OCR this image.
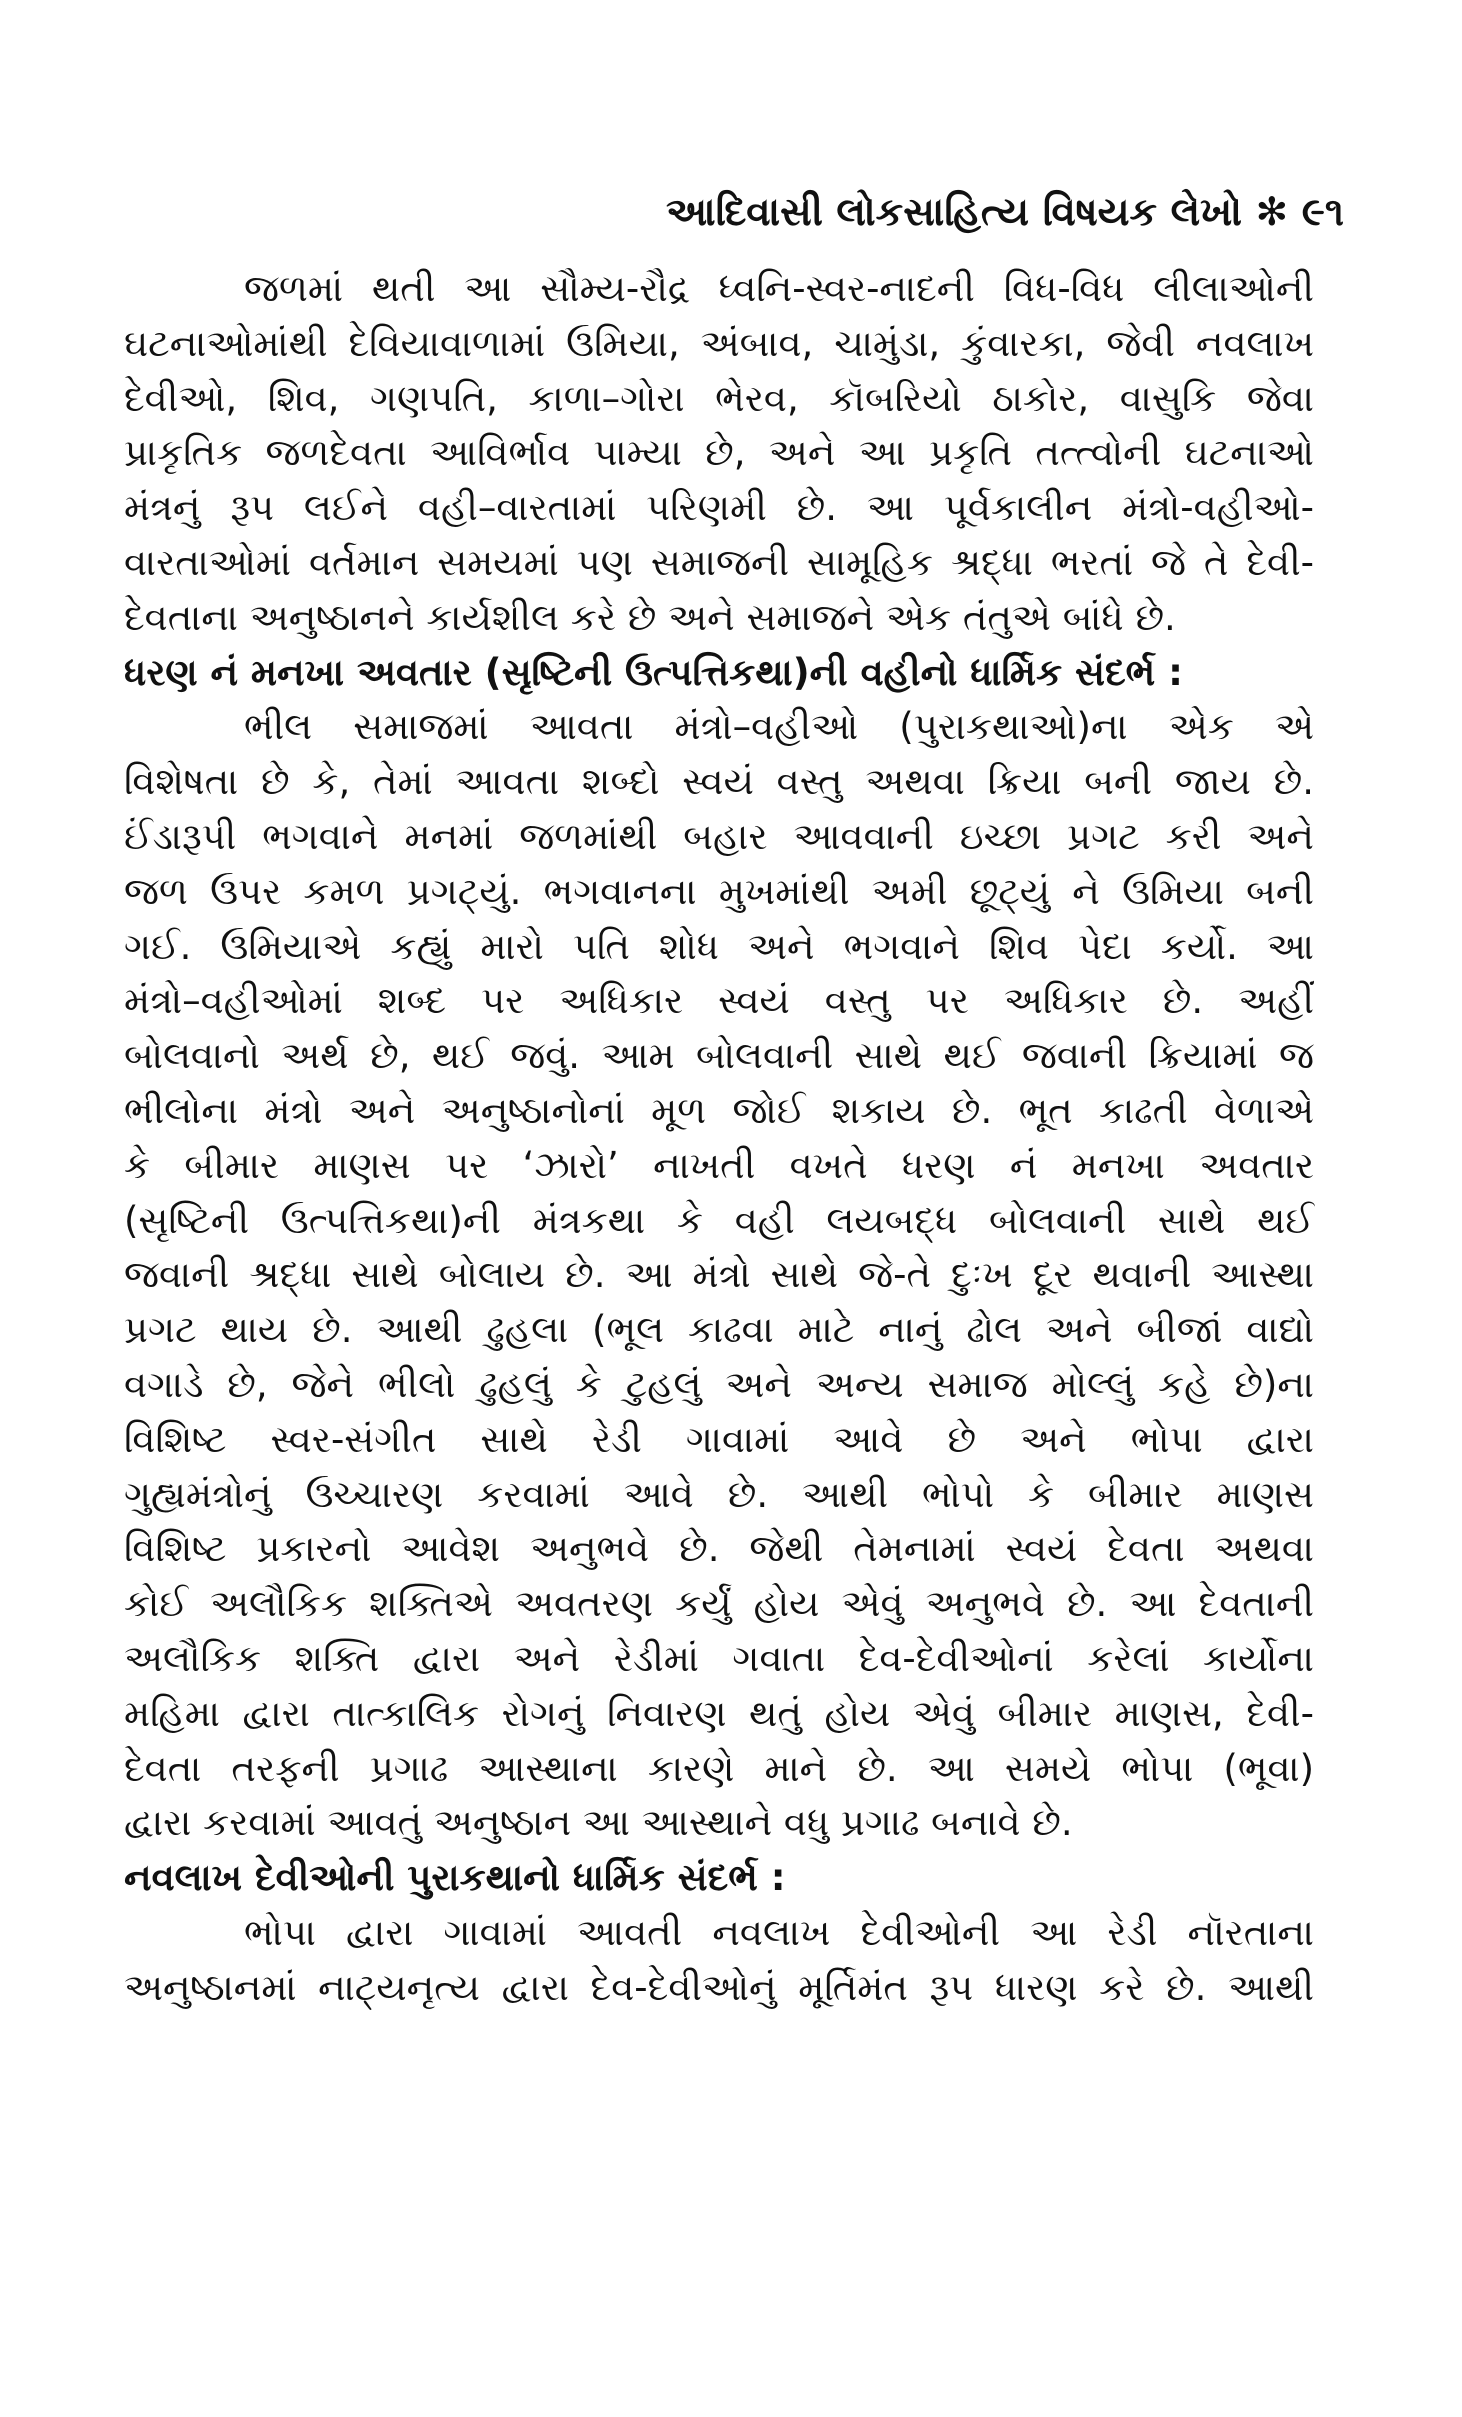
આદિવાસી લોકસાહિત્ય વિષયક લેખો ✻ ૯૧
જળમાં થતી આ સૌમ્ય-રૌદ્ર ધ્વનિ-સ્વર-નાદની વિધ-વિધ લીલાઓની
ઘટનાઓમાંથી દેવિયાવાળામાં ઉમિયા, અંબાવ, ચામુંડા, કુંવારકા, જેવી નવલાખ
દેવીઓ, શિવ, ગણપતિ, કાળા–ગોરા ભેરવ, કૉબરિયો ઠાકોર, વાસુકિ જેવા
પ્રાકૃતિક જળદેવતા આવિર્ભાવ પામ્યા છે, અને આ પ્રકૃતિ તત્ત્વોની ઘટનાઓ
મંત્રનું રૂપ લઈને વહી–વારતામાં પરિણમી છે. આ પૂર્વકાલીન મંત્રો-વહીઓ-
વારતાઓમાં વર્તમાન સમયમાં પણ સમાજની સામૂહિક શ્રદ્ધા ભરતાં જે તે દેવી-
દેવતાના અનુષ્ઠાનને કાર્યશીલ કરે છે અને સમાજને એક તંતુએ બાંધે છે.
ધરણ નં મનખા અવતાર (સૃષ્ટિની ઉત્પત્તિકથા)ની વહીનો ધાર્મિક સંદર્ભ :
ભીલ સમાજમાં આવતા મંત્રો–વહીઓ (પુરાકથાઓ)ના એક એ
વિશેષતા છે કે, તેમાં આવતા શબ્દો સ્વયં વસ્તુ અથવા ક્રિયા બની જાય છે.
ઈંડારૂપી ભગવાને મનમાં જળમાંથી બહાર આવવાની ઇચ્છા પ્રગટ કરી અને
જળ ઉપર કમળ પ્રગટ્યું. ભગવાનના મુખમાંથી અમી છૂટ્યું ને ઉમિયા બની
ગઈ. ઉમિયાએ કહ્યું મારો પતિ શોધ અને ભગવાને શિવ પેદા કર્યો. આ
મંત્રો–વહીઓમાં શબ્દ પર અધિકાર સ્વયં વસ્તુ પર અધિકાર છે. અહીં
બોલવાનો અર્થ છે, થઈ જવું. આમ બોલવાની સાથે થઈ જવાની ક્રિયામાં જ
ભીલોના મંત્રો અને અનુષ્ઠાનોનાં મૂળ જોઈ શકાય છે. ભૂત કાઢતી વેળાએ
કે બીમાર માણસ પર ‘ઝારો’ નાખતી વખતે ધરણ નં મનખા અવતાર
(સૃષ્ટિની ઉત્પત્તિકથા)ની મંત્રકથા કે વહી લયબદ્ધ બોલવાની સાથે થઈ
જવાની શ્રદ્ધા સાથે બોલાય છે. આ મંત્રો સાથે જે-તે દુઃખ દૂર થવાની આસ્થા
પ્રગટ થાય છે. આથી ઢુહલા (ભૂલ કાઢવા માટે નાનું ઢોલ અને બીજાં વાદ્યો
વગાડે છે, જેને ભીલો ઢુહલું કે ટુહલું અને અન્ય સમાજ મોલ્લું કહે છે)ના
વિશિષ્ટ સ્વર-સંગીત સાથે રેડી ગાવામાં આવે છે અને ભોપા દ્વારા
ગુહ્યમંત્રોનું ઉચ્ચારણ કરવામાં આવે છે. આથી ભોપો કે બીમાર માણસ
વિશિષ્ટ પ્રકારનો આવેશ અનુભવે છે. જેથી તેમનામાં સ્વયં દેવતા અથવા
કોઈ અલૌકિક શક્તિએ અવતરણ કર્યું હોય એવું અનુભવે છે. આ દેવતાની
અલૌકિક શક્તિ દ્વારા અને રેડીમાં ગવાતા દેવ-દેવીઓનાં કરેલાં કાર્યોના
મહિમા દ્વારા તાત્કાલિક રોગનું નિવારણ થતું હોય એવું બીમાર માણસ, દેવી-
દેવતા તરફની પ્રગાઢ આસ્થાના કારણે માને છે. આ સમયે ભોપા (ભૂવા)
દ્વારા કરવામાં આવતું અનુષ્ઠાન આ આસ્થાને વધુ પ્રગાઢ બનાવે છે.
નવલાખ દેવીઓની પુરાકથાનો ધાર્મિક સંદર્ભ :
ભોપા દ્વારા ગાવામાં આવતી નવલાખ દેવીઓની આ રેડી નૉરતાના
અનુષ્ઠાનમાં નાટ્યનૃત્ય દ્વારા દેવ-દેવીઓનું મૂર્તિમંત રૂપ ધારણ કરે છે. આથી
